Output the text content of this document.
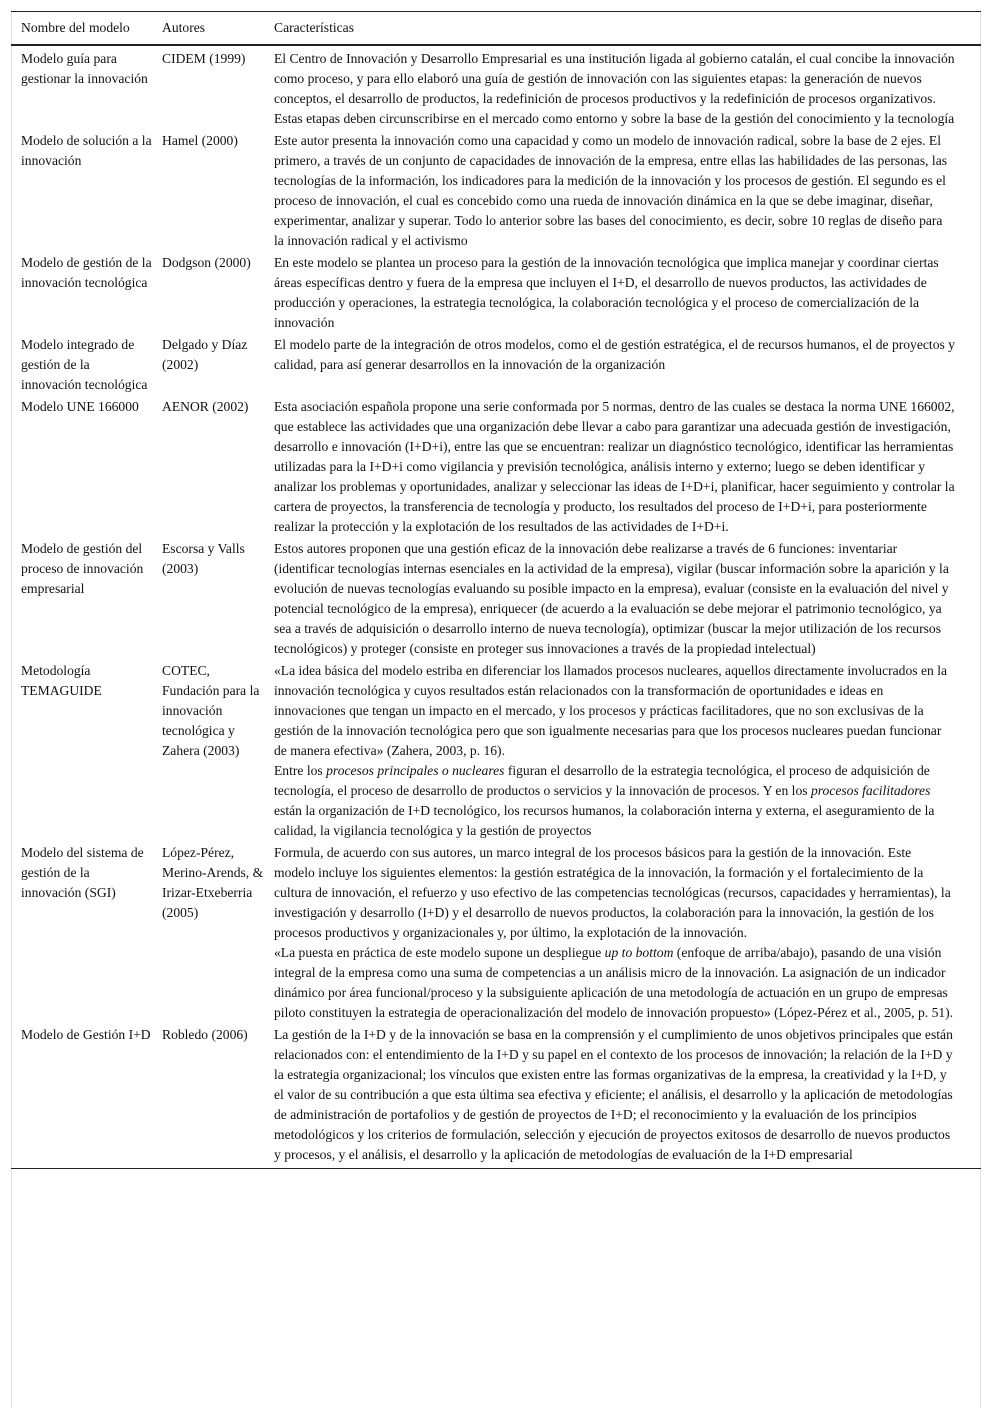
Nombre del modelo	Autores	Características
Modelo guía para gestionar la innovación	CIDEM (1999)	El Centro de Innovación y Desarrollo Empresarial es una institución ligada al gobierno catalán, el cual concibe la innovación como proceso, y para ello elaboró una guía de gestión de innovación con las siguientes etapas: la generación de nuevos conceptos, el desarrollo de productos, la redefinición de procesos productivos y la redefinición de procesos organizativos. Estas etapas deben circunscribirse en el mercado como entorno y sobre la base de la gestión del conocimiento y la tecnología
Modelo de solución a la innovación	Hamel (2000)	Este autor presenta la innovación como una capacidad y como un modelo de innovación radical, sobre la base de 2 ejes. El primero, a través de un conjunto de capacidades de innovación de la empresa, entre ellas las habilidades de las personas, las tecnologías de la información, los indicadores para la medición de la innovación y los procesos de gestión. El segundo es el proceso de innovación, el cual es concebido como una rueda de innovación dinámica en la que se debe imaginar, diseñar, experimentar, analizar y superar. Todo lo anterior sobre las bases del conocimiento, es decir, sobre 10 reglas de diseño para la innovación radical y el activismo
Modelo de gestión de la innovación tecnológica	Dodgson (2000)	En este modelo se plantea un proceso para la gestión de la innovación tecnológica que implica manejar y coordinar ciertas áreas específicas dentro y fuera de la empresa que incluyen el I+D, el desarrollo de nuevos productos, las actividades de producción y operaciones, la estrategia tecnológica, la colaboración tecnológica y el proceso de comercialización de la innovación
Modelo integrado de gestión de la innovación tecnológica	Delgado y Díaz (2002)	El modelo parte de la integración de otros modelos, como el de gestión estratégica, el de recursos humanos, el de proyectos y calidad, para así generar desarrollos en la innovación de la organización
Modelo UNE 166000	AENOR (2002)	Esta asociación española propone una serie conformada por 5 normas, dentro de las cuales se destaca la norma UNE 166002, que establece las actividades que una organización debe llevar a cabo para garantizar una adecuada gestión de investigación, desarrollo e innovación (I+D+i), entre las que se encuentran: realizar un diagnóstico tecnológico, identificar las herramientas utilizadas para la I+D+i como vigilancia y previsión tecnológica, análisis interno y externo; luego se deben identificar y analizar los problemas y oportunidades, analizar y seleccionar las ideas de I+D+i, planificar, hacer seguimiento y controlar la cartera de proyectos, la transferencia de tecnología y producto, los resultados del proceso de I+D+i, para posteriormente realizar la protección y la explotación de los resultados de las actividades de I+D+i.
Modelo de gestión del proceso de innovación empresarial	Escorsa y Valls (2003)	Estos autores proponen que una gestión eficaz de la innovación debe realizarse a través de 6 funciones: inventariar (identificar tecnologías internas esenciales en la actividad de la empresa), vigilar (buscar información sobre la aparición y la evolución de nuevas tecnologías evaluando su posible impacto en la empresa), evaluar (consiste en la evaluación del nivel y potencial tecnológico de la empresa), enriquecer (de acuerdo a la evaluación se debe mejorar el patrimonio tecnológico, ya sea a través de adquisición o desarrollo interno de nueva tecnología), optimizar (buscar la mejor utilización de los recursos tecnológicos) y proteger (consiste en proteger sus innovaciones a través de la propiedad intelectual)
Metodología TEMAGUIDE	COTEC, Fundación para la innovación tecnológica y Zahera (2003)	«La idea básica del modelo estriba en diferenciar los llamados procesos nucleares, aquellos directamente involucrados en la innovación tecnológica y cuyos resultados están relacionados con la transformación de oportunidades e ideas en innovaciones que tengan un impacto en el mercado, y los procesos y prácticas facilitadores, que no son exclusivas de la gestión de la innovación tecnológica pero que son igualmente necesarias para que los procesos nucleares puedan funcionar de manera efectiva» (Zahera, 2003, p. 16).
Entre los procesos principales o nucleares figuran el desarrollo de la estrategia tecnológica, el proceso de adquisición de tecnología, el proceso de desarrollo de productos o servicios y la innovación de procesos. Y en los procesos facilitadores están la organización de I+D tecnológico, los recursos humanos, la colaboración interna y externa, el aseguramiento de la calidad, la vigilancia tecnológica y la gestión de proyectos

Modelo del sistema de gestión de la innovación (SGI)	López-Pérez, Merino-Arends, & Irizar-Etxeberria (2005)	Formula, de acuerdo con sus autores, un marco integral de los procesos básicos para la gestión de la innovación. Este modelo incluye los siguientes elementos: la gestión estratégica de la innovación, la formación y el fortalecimiento de la cultura de innovación, el refuerzo y uso efectivo de las competencias tecnológicas (recursos, capacidades y herramientas), la investigación y desarrollo (I+D) y el desarrollo de nuevos productos, la colaboración para la innovación, la gestión de los procesos productivos y organizacionales y, por último, la explotación de la innovación.
«La puesta en práctica de este modelo supone un despliegue up to bottom (enfoque de arriba/abajo), pasando de una visión integral de la empresa como una suma de competencias a un análisis micro de la innovación. La asignación de un indicador dinámico por área funcional/proceso y la subsiguiente aplicación de una metodología de actuación en un grupo de empresas piloto constituyen la estrategia de operacionalización del modelo de innovación propuesto» (López-Pérez et al., 2005, p. 51).

Modelo de Gestión I+D	Robledo (2006)	La gestión de la I+D y de la innovación se basa en la comprensión y el cumplimiento de unos objetivos principales que están relacionados con: el entendimiento de la I+D y su papel en el contexto de los procesos de innovación; la relación de la I+D y la estrategia organizacional; los vínculos que existen entre las formas organizativas de la empresa, la creatividad y la I+D, y el valor de su contribución a que esta última sea efectiva y eficiente; el análisis, el desarrollo y la aplicación de metodologías de administración de portafolios y de gestión de proyectos de I+D; el reconocimiento y la evaluación de los principios metodológicos y los criterios de formulación, selección y ejecución de proyectos exitosos de desarrollo de nuevos productos y procesos, y el análisis, el desarrollo y la aplicación de metodologías de evaluación de la I+D empresarial
